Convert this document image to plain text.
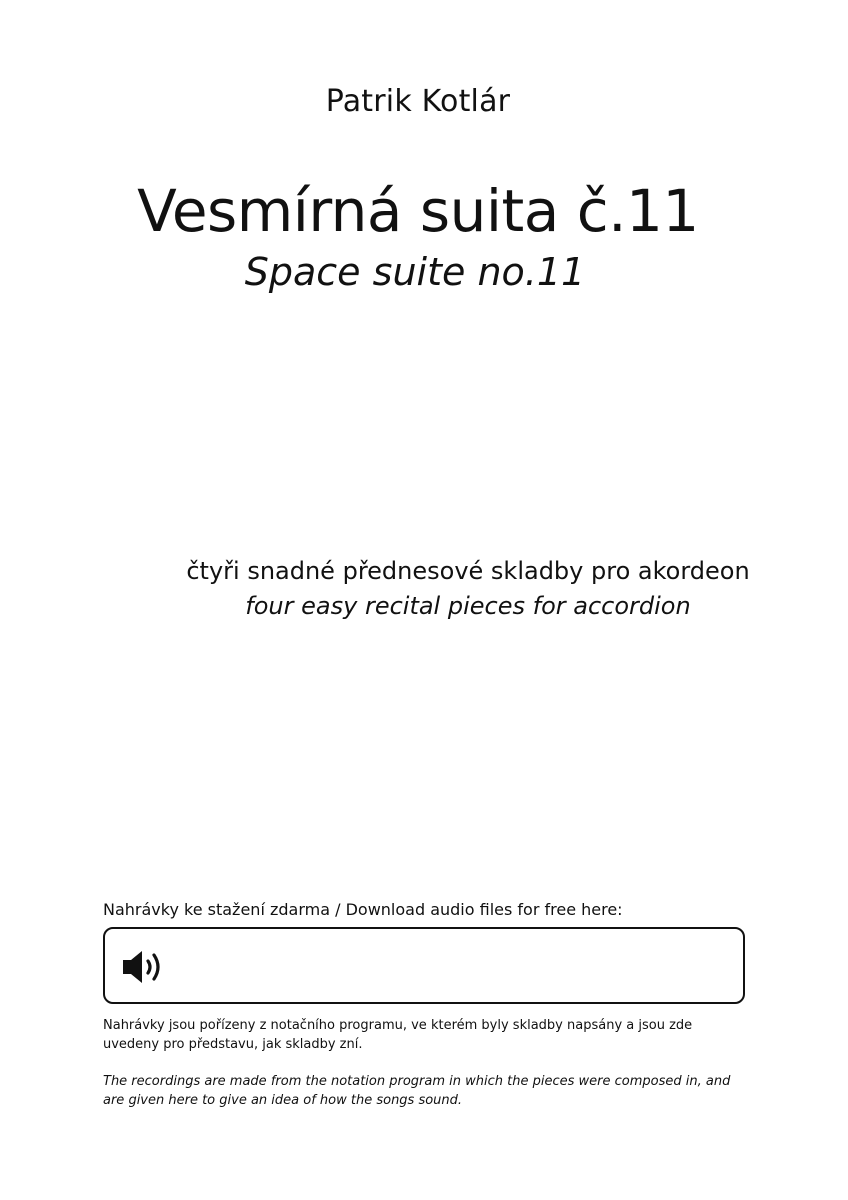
Patrik Kotlár
Vesmírná suita č.11
Space suite no.11
čtyři snadné přednesové skladby pro akordeon
four easy recital pieces for accordion
Nahrávky ke stažení zdarma / Download audio files for free here:
Nahrávky jsou pořízeny z notačního programu, ve kterém byly skladby napsány a jsou zde uvedeny pro představu, jak skladby zní.
The recordings are made from the notation program in which the pieces were composed in, and are given here to give an idea of how the songs sound.
